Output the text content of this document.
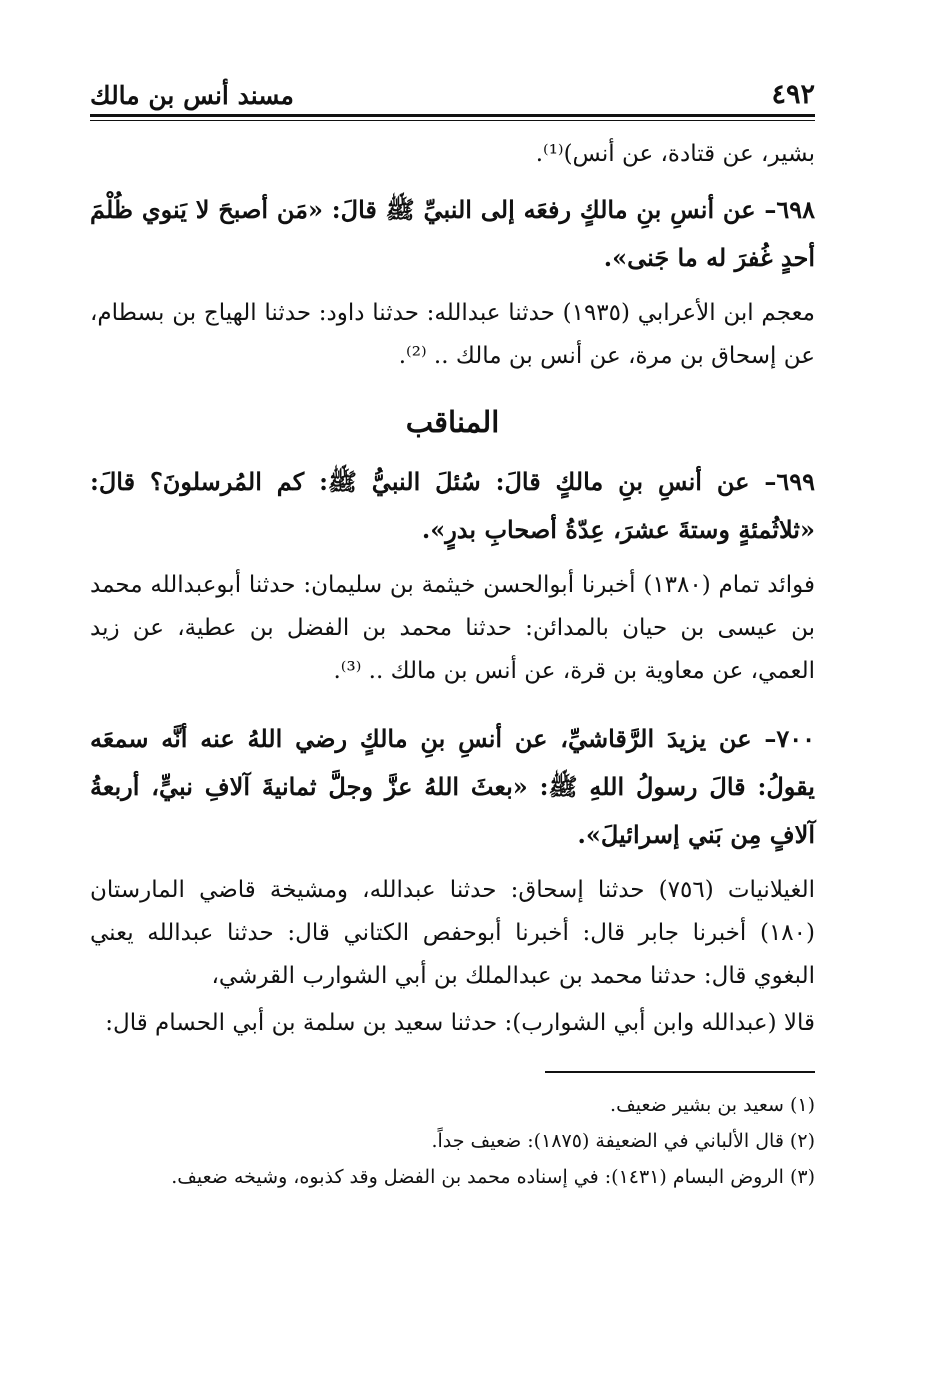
٤٩٢
مسند أنس بن مالك

بشير، عن قتادة، عن أنس)⁽¹⁾.

٦٩٨– عن أنسِ بنِ مالكٍ رفعَه إلى النبيِّ ﷺ قالَ: «مَن أصبحَ لا يَنوي ظُلْمَ أحدٍ غُفرَ له ما جَنى».

معجم ابن الأعرابي (١٩٣٥) حدثنا عبدالله: حدثنا داود: حدثنا الهياج بن بسطام، عن إسحاق بن مرة، عن أنس بن مالك .. ⁽²⁾.

المناقب

٦٩٩– عن أنسِ بنِ مالكٍ قالَ: سُئلَ النبيُّ ﷺ: كم المُرسلونَ؟ قالَ: «ثلاثُمئةٍ وستةَ عشرَ، عِدّةُ أصحابِ بدرٍ».

فوائد تمام (١٣٨٠) أخبرنا أبوالحسن خيثمة بن سليمان: حدثنا أبوعبدالله محمد بن عيسى بن حيان بالمدائن: حدثنا محمد بن الفضل بن عطية، عن زيد العمي، عن معاوية بن قرة، عن أنس بن مالك .. ⁽³⁾.

٧٠٠– عن يزيدَ الرَّقاشيِّ، عن أنسِ بنِ مالكٍ رضي اللهُ عنه أنَّه سمعَه يقولُ: قالَ رسولُ اللهِ ﷺ: «بعثَ اللهُ عزَّ وجلَّ ثمانيةَ آلافِ نبيٍّ، أربعةُ آلافٍ مِن بَني إسرائيلَ».

الغيلانيات (٧٥٦) حدثنا إسحاق: حدثنا عبدالله، ومشيخة قاضي المارستان (١٨٠) أخبرنا جابر قال: أخبرنا أبوحفص الكتاني قال: حدثنا عبدالله يعني البغوي قال: حدثنا محمد بن عبدالملك بن أبي الشوارب القرشي،

قالا (عبدالله وابن أبي الشوارب): حدثنا سعيد بن سلمة بن أبي الحسام قال:

(١) سعيد بن بشير ضعيف.
(٢) قال الألباني في الضعيفة (١٨٧٥): ضعيف جداً.
(٣) الروض البسام (١٤٣١): في إسناده محمد بن الفضل وقد كذبوه، وشيخه ضعيف.
